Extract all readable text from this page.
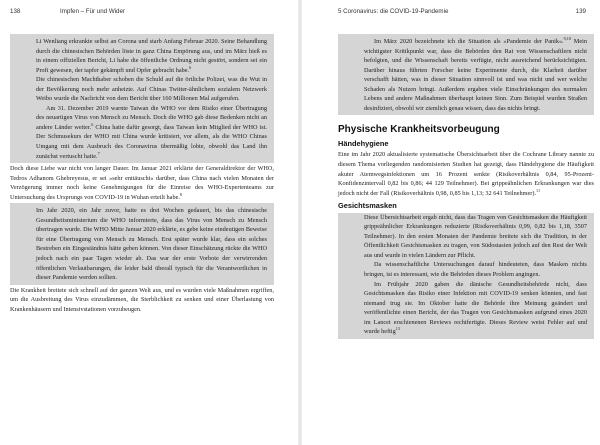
138	Impfen – Für und Wider

Li Wenliang erkrankte selbst an Corona und starb Anfang Februar 2020. Seine Behandlung durch die chinesischen Behörden löste in ganz China Empörung aus, und im März hieß es in einem offiziellen Bericht, Li habe die öffentliche Ordnung nicht gestört, sondern sei ein Profi gewesen, der tapfer gekämpft und Opfer gebracht habe.$^6$

Die chinesischen Machthaber schoben die Schuld auf die örtliche Polizei, was die Wut in der Bevölkerung noch mehr anheizte. Auf Chinas Twitter-ähnlichem sozialem Netzwerk Weibo wurde die Nachricht von dem Bericht über 160 Millionen Mal aufgerufen.

Am 31. Dezember 2019 warnte Taiwan die WHO vor dem Risiko einer Übertragung des neuartigen Virus von Mensch zu Mensch. Doch die WHO gab diese Bedenken nicht an andere Länder weiter.$^6$ China hatte dafür gesorgt, dass Taiwan kein Mitglied der WHO ist. Der Schmusekurs der WHO mit China wurde kritisiert, vor allem, als die WHO Chinas Umgang mit dem Ausbruch des Coronavirus übermäßig lobte, obwohl das Land ihn zunächst vertuscht hatte.$^7$

Doch diese Liebe war nicht von langer Dauer. Im Januar 2021 erklärte der Generaldirektor der WHO, Tedros Adhanom Ghebreyesus, er sei »sehr enttäuscht« darüber, dass China nach vielen Monaten der Verzögerung immer noch keine Genehmigungen für die Einreise des WHO-Expertenteams zur Untersuchung des Ursprungs von COVID-19 in Wuhan erteilt habe.$^8$

Im Jahr 2020, ein Jahr zuvor, hatte es drei Wochen gedauert, bis das chinesische Gesundheitsministerium die WHO informierte, dass das Virus von Mensch zu Mensch übertragen wurde. Die WHO Mitte Januar 2020 erklärte, es gebe keine eindeutigen Beweise für eine Übertragung von Mensch zu Mensch. Erst später wurde klar, dass ein solches Bestreben ein Eingeständnis hätte geben können. Von dieser Einschätzung rückte die WHO jedoch nach ein paar Tagen wieder ab. Das war der erste Vorbote der verwirrenden öffentlichen Verlautbarungen, die leider bald überall typisch für die Verantwortlichen in dieser Pandemie werden sollten.

Die Krankheit breitete sich schnell auf der ganzen Welt aus, und es wurden viele Maßnahmen ergriffen, um die Ausbreitung des Virus einzudämmen, die Sterblichkeit zu senken und einer Überlastung von Krankenhäusern und Intensivstationen vorzubeugen.

5 Coronavirus: die COVID-19-Pandemie	139

Im März 2020 bezeichnete ich die Situation als »Pandemie der Panik«.$^{9,10}$ Mein wichtigster Kritikpunkt war, dass die Behörden den Rat von Wissenschaftlern nicht befolgten, und die Wissenschaft bereits verfügte, nicht ausreichend berücksichtigten. Darüber hinaus führten Forscher keine Experimente durch, die Klarheit darüber verschafft hätten, was in dieser Situation sinnvoll ist und was nicht und wer welche Schaden als Nutzen bringt. Außerdem ergaben viele Einschränkungen des normalen Lebens und andere Maßnahmen überhaupt keinen Sinn. Zum Beispiel wurden Straßen desinfiziert, obwohl wir ziemlich genau wissen, dass das nichts bringt.

Physische Krankheitsvorbeugung
Händehygiene

Eine im Jahr 2020 aktualisierte systematische Übersichtsarbeit über die Cochrane Library nannte zu diesem Thema vorliegenden randomisierten Studien hat gezeigt, dass Händehygiene die Häufigkeit akuter Atemwegsinfektionen um 16 Prozent senkte (Risikoverhältnis 0,84, 95-Prozent-Konfidenzintervall 0,82 bis 0,86; 44 129 Teilnehmer). Bei grippeähnlichen Erkrankungen war dies jedoch nicht der Fall (Risikoverhältnis 0,98, 0,85 bis 1,13; 32 641 Teilnehmer).$^{11}$

Gesichtsmasken

Diese Übersichtsarbeit ergab nicht, dass das Tragen von Gesichtsmasken die Häufigkeit grippeähnlicher Erkrankungen reduzierte (Risikoverhältnis 0,99, 0,82 bis 1,18, 3507 Teilnehmer). In den ersten Monaten der Pandemie breitete sich die Tradition, in der Öffentlichkeit Gesichtsmasken zu tragen, von Südostasien jedoch auf den Rest der Welt aus und wurde in vielen Ländern zur Pflicht.

Da wissenschaftliche Untersuchungen darauf hindeuteten, dass Masken nichts bringen, ist es interessant, wie die Behörden dieses Problem angingen.

Im Frühjahr 2020 gaben die dänische Gesundheitsbehörde nicht, dass Gesichtsmasken das Risiko einer Infektion mit COVID-19 senken könnten, und fast niemand trug sie. Im Oktober hatte die Behörde ihre Meinung geändert und veröffentlichte einen Bericht, der das Tragen von Gesichtsmasken aufgrund eines 2020 im Lancet erschienenen Reviews rechtfertigte. Dieses Review weist Fehler auf und wurde heftig$^{13}$
